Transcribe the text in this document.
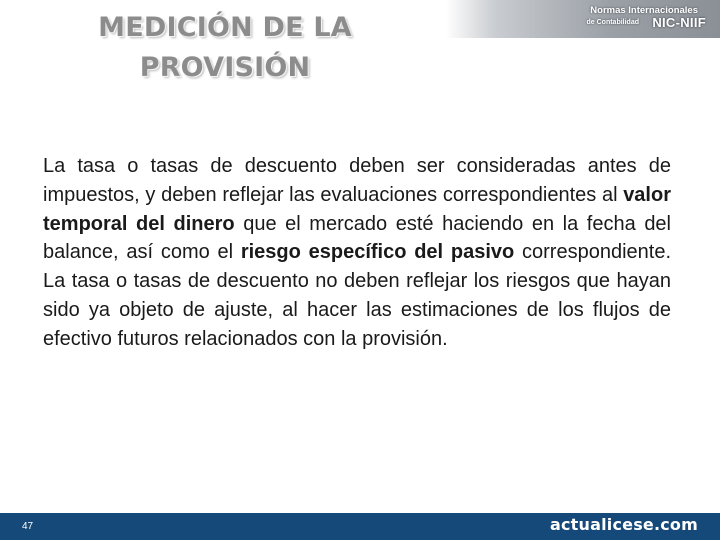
MEDICIÓN DE LA PROVISIÓN
Normas Internacionales
de Contabilidad NIC-NIIF

La tasa o tasas de descuento deben ser consideradas antes de impuestos, y deben reflejar las evaluaciones correspondientes al valor temporal del dinero que el mercado esté haciendo en la fecha del balance, así como el riesgo específico del pasivo correspondiente. La tasa o tasas de descuento no deben reflejar los riesgos que hayan sido ya objeto de ajuste, al hacer las estimaciones de los flujos de efectivo futuros relacionados con la provisión.

47	actualicese.com
